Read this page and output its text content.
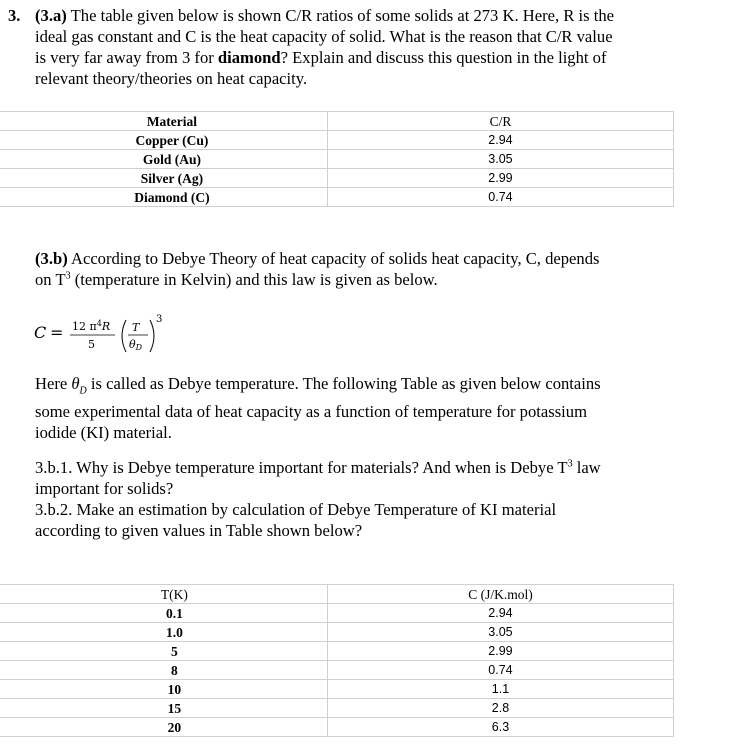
3. (3.a) The table given below is shown C/R ratios of some solids at 273 K. Here, R is the
ideal gas constant and C is the heat capacity of solid. What is the reason that C/R value
is very far away from 3 for diamond? Explain and discuss this question in the light of
relevant theory/theories on heat capacity.
Material	C/R
Copper (Cu)	2.94
Gold (Au)	3.05
Silver (Ag)	2.99
Diamond (C)	0.74
(3.b) According to Debye Theory of heat capacity of solids heat capacity, C, depends
on $T^3$ (temperature in Kelvin) and this law is given as below.
C = 12 $\pi^4R$
5
T
θD
3
Here $\theta_D$ is called as Debye temperature. The following Table as given below contains
some experimental data of heat capacity as a function of temperature for potassium
iodide (KI) material.
3.b.1. Why is Debye temperature important for materials? And when is Debye $T^3$ law
important for solids?
3.b.2. Make an estimation by calculation of Debye Temperature of KI material
according to given values in Table shown below?
T(K)	C (J/K.mol)
0.1	2.94
1.0	3.05
5	2.99
8	0.74
10	1.1
15	2.8
20	6.3
